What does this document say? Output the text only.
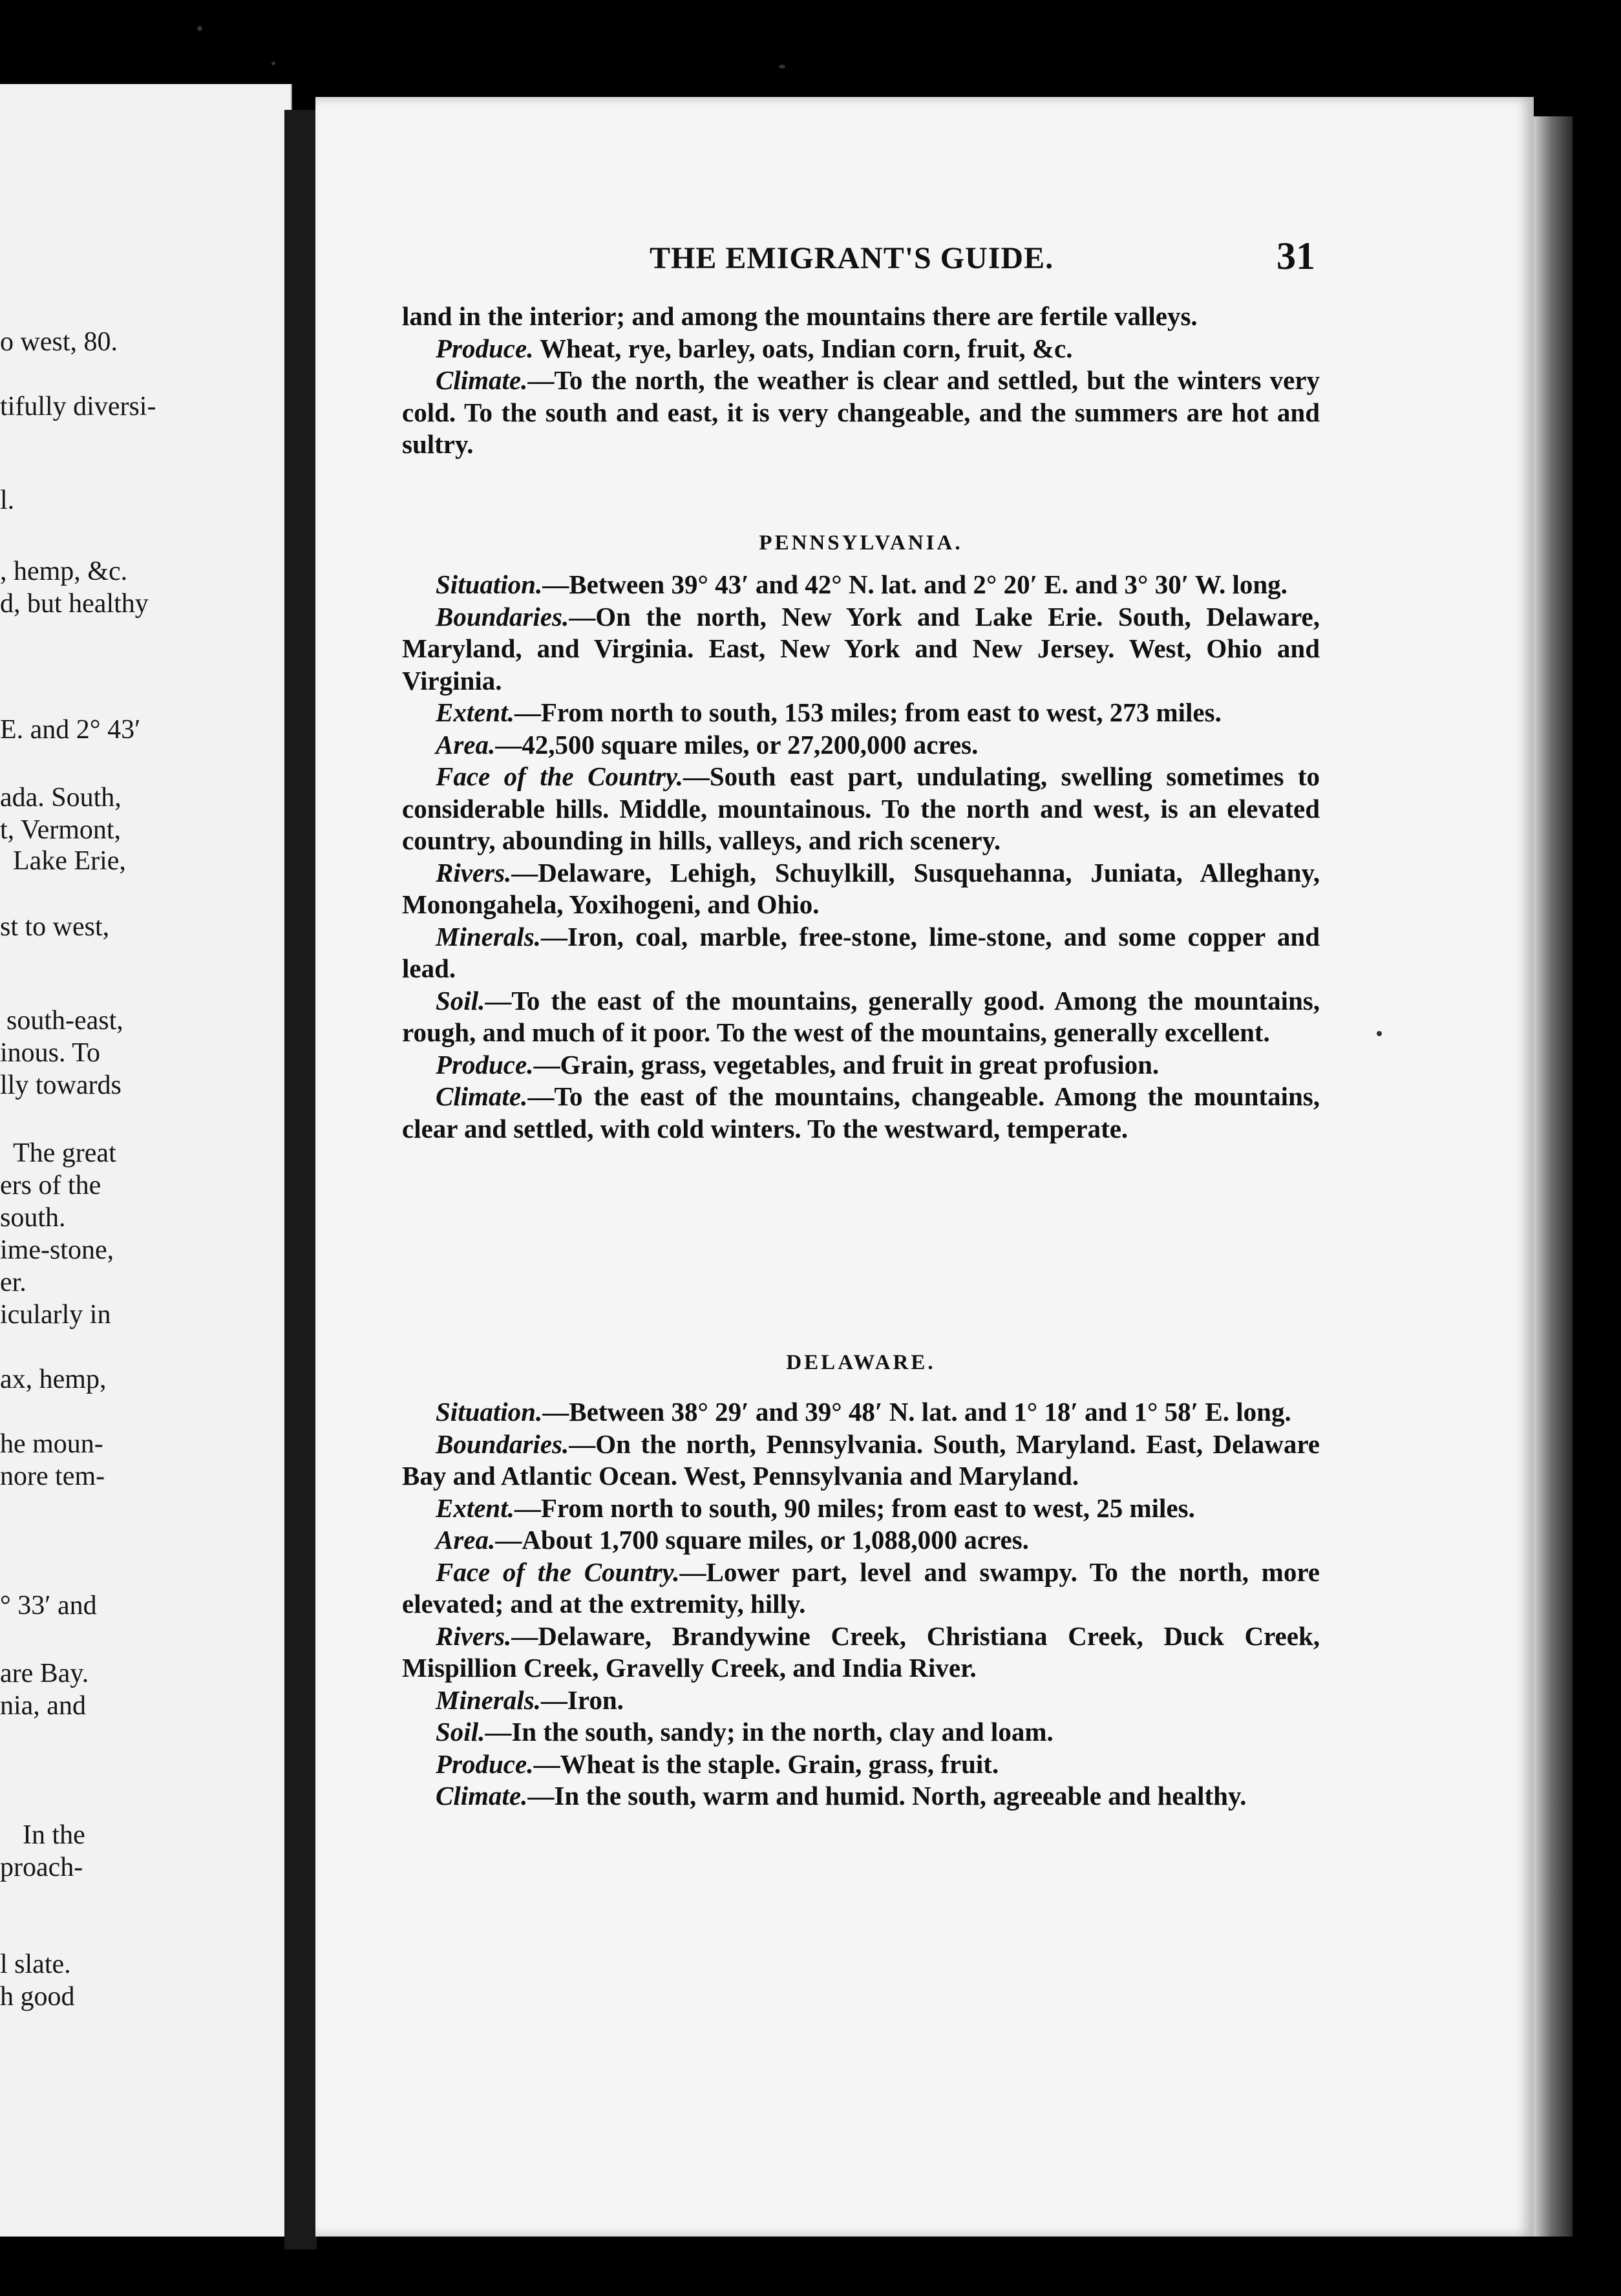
o west, 80.
tifully diversi-
l.
, hemp, &c.
d, but healthy
E. and 2° 43′
ada. South,
t, Vermont,
Lake Erie,
st to west,
south-east,
inous. To
lly towards
The great
ers of the
south.
ime-stone,
er.
icularly in
ax, hemp,
he moun-
nore tem-
° 33′ and
are Bay.
nia, and
In the
proach-
l slate.
h good
THE EMIGRANT'S GUIDE.	31

land in the interior; and among the mountains there are fertile valleys.

Produce. Wheat, rye, barley, oats, Indian corn, fruit, &c.

Climate.—To the north, the weather is clear and settled, but the winters very cold. To the south and east, it is very changeable, and the summers are hot and sultry.

PENNSYLVANIA.

Situation.—Between 39° 43′ and 42° N. lat. and 2° 20′ E. and 3° 30′ W. long.

Boundaries.—On the north, New York and Lake Erie. South, Delaware, Maryland, and Virginia. East, New York and New Jersey. West, Ohio and Virginia.

Extent.—From north to south, 153 miles; from east to west, 273 miles.

Area.—42,500 square miles, or 27,200,000 acres.

Face of the Country.—South east part, undulating, swelling sometimes to considerable hills. Middle, mountainous. To the north and west, is an elevated country, abounding in hills, valleys, and rich scenery.

Rivers.—Delaware, Lehigh, Schuylkill, Susquehanna, Juniata, Alleghany, Monongahela, Yoxihogeni, and Ohio.

Minerals.—Iron, coal, marble, free-stone, lime-stone, and some copper and lead.

Soil.—To the east of the mountains, generally good. Among the mountains, rough, and much of it poor. To the west of the mountains, generally excellent.

Produce.—Grain, grass, vegetables, and fruit in great profusion.

Climate.—To the east of the mountains, changeable. Among the mountains, clear and settled, with cold winters. To the westward, temperate.

DELAWARE.

Situation.—Between 38° 29′ and 39° 48′ N. lat. and 1° 18′ and 1° 58′ E. long.

Boundaries.—On the north, Pennsylvania. South, Maryland. East, Delaware Bay and Atlantic Ocean. West, Pennsylvania and Maryland.

Extent.—From north to south, 90 miles; from east to west, 25 miles.

Area.—About 1,700 square miles, or 1,088,000 acres.

Face of the Country.—Lower part, level and swampy. To the north, more elevated; and at the extremity, hilly.

Rivers.—Delaware, Brandywine Creek, Christiana Creek, Duck Creek, Mispillion Creek, Gravelly Creek, and India River.

Minerals.—Iron.

Soil.—In the south, sandy; in the north, clay and loam.

Produce.—Wheat is the staple. Grain, grass, fruit.

Climate.—In the south, warm and humid. North, agreeable and healthy.
